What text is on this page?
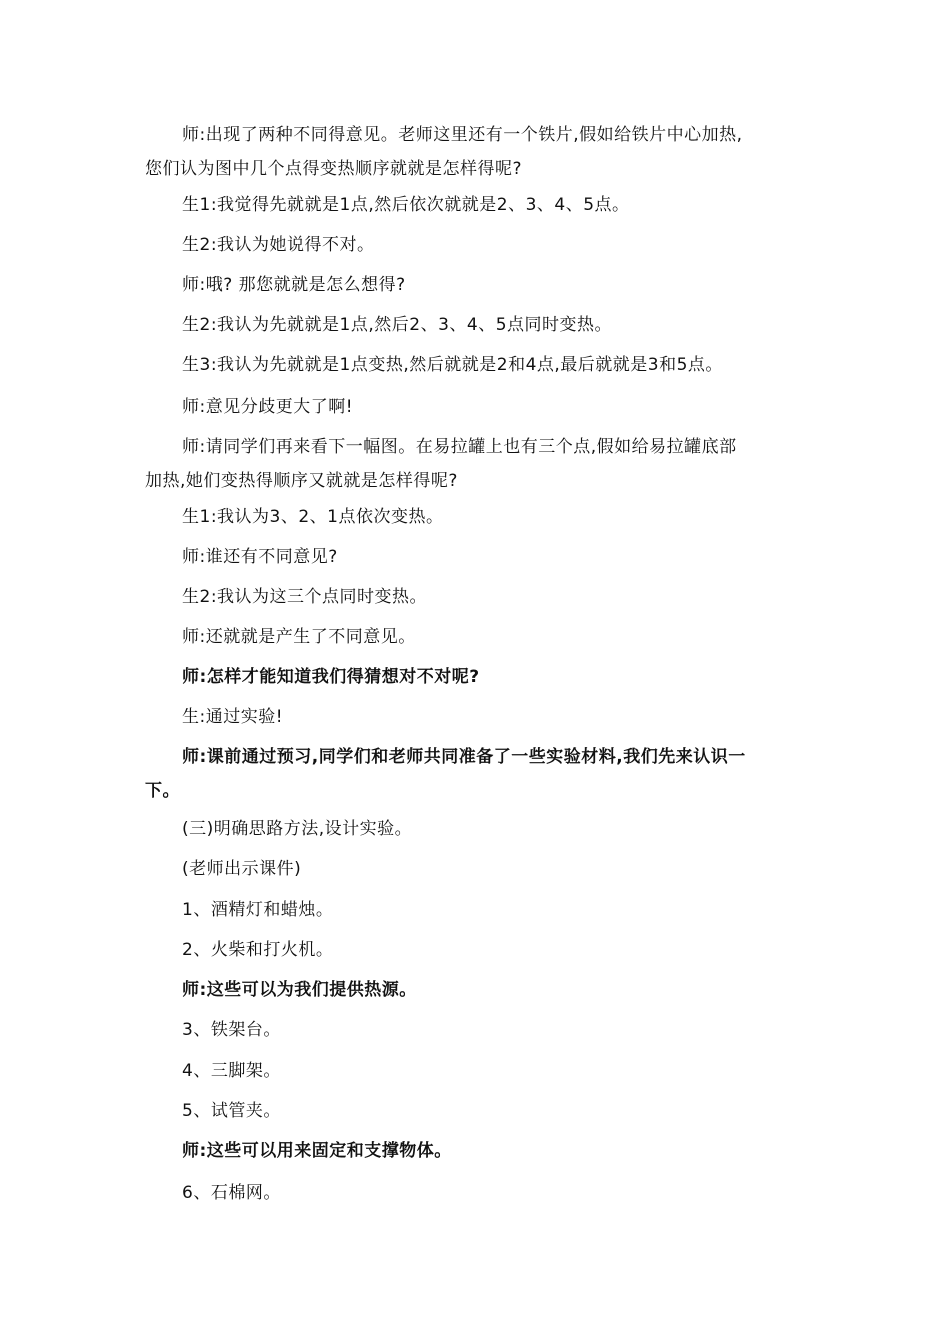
师:出现了两种不同得意见。老师这里还有一个铁片,假如给铁片中心加热,
您们认为图中几个点得变热顺序就就是怎样得呢?
生1:我觉得先就就是1点,然后依次就就是2、3、4、5点。
生2:我认为她说得不对。
师:哦? 那您就就是怎么想得?
生2:我认为先就就是1点,然后2、3、4、5点同时变热。
生3:我认为先就就是1点变热,然后就就是2和4点,最后就就是3和5点。
师:意见分歧更大了啊!
师:请同学们再来看下一幅图。在易拉罐上也有三个点,假如给易拉罐底部
加热,她们变热得顺序又就就是怎样得呢?
生1:我认为3、2、1点依次变热。
师:谁还有不同意见?
生2:我认为这三个点同时变热。
师:还就就是产生了不同意见。
师:怎样才能知道我们得猜想对不对呢?
生:通过实验!
师:课前通过预习,同学们和老师共同准备了一些实验材料,我们先来认识一
下。
(三)明确思路方法,设计实验。
(老师出示课件)
1、酒精灯和蜡烛。
2、火柴和打火机。
师:这些可以为我们提供热源。
3、铁架台。
4、三脚架。
5、试管夹。
师:这些可以用来固定和支撑物体。
6、石棉网。
